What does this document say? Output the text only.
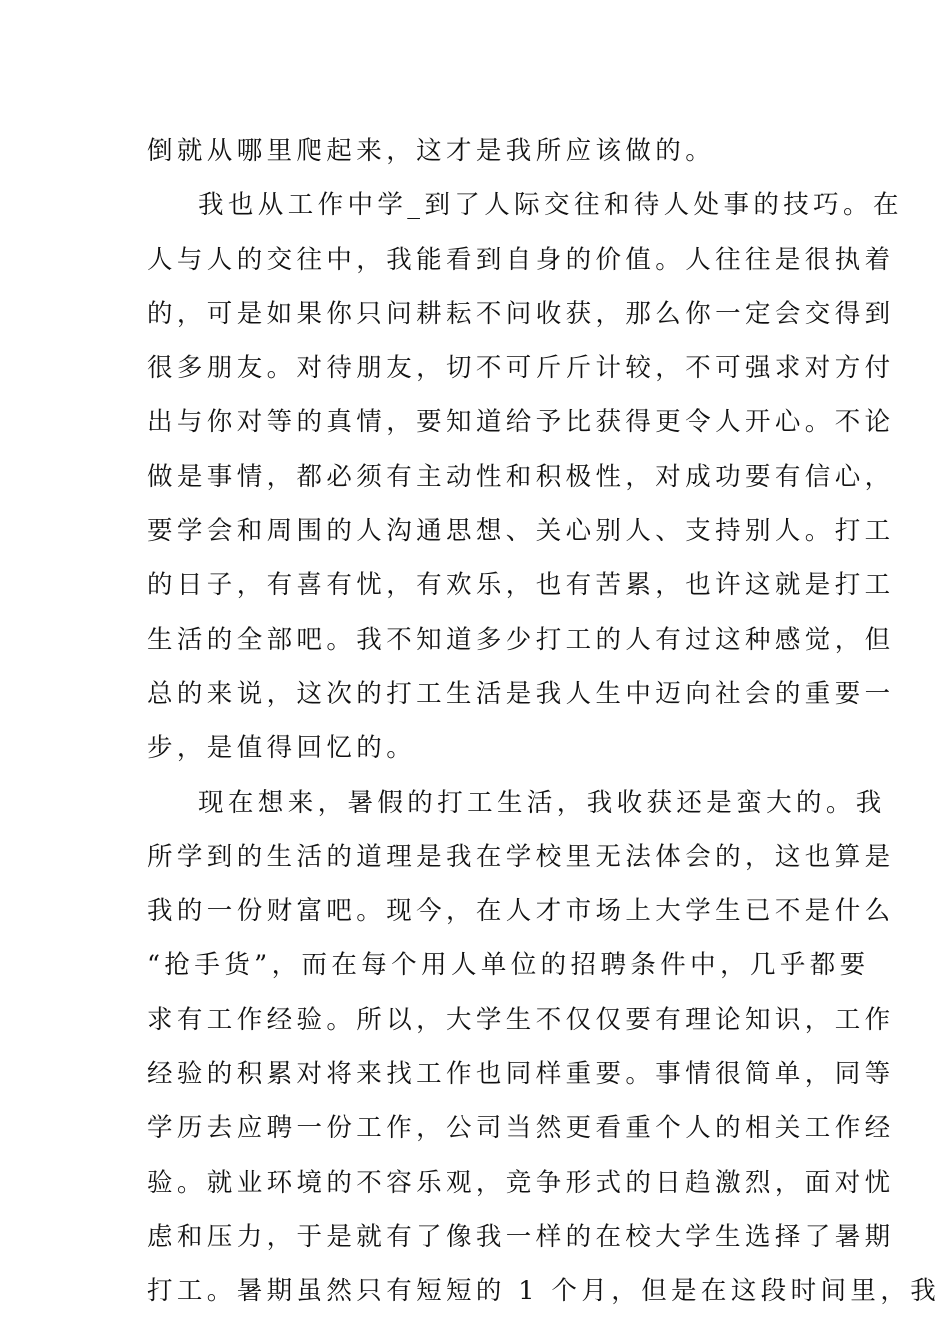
倒就从哪里爬起来，这才是我所应该做的。
我也从工作中学_到了人际交往和待人处事的技巧。在
人与人的交往中，我能看到自身的价值。人往往是很执着
的，可是如果你只问耕耘不问收获，那么你一定会交得到
很多朋友。对待朋友，切不可斤斤计较，不可强求对方付
出与你对等的真情，要知道给予比获得更令人开心。不论
做是事情，都必须有主动性和积极性，对成功要有信心，
要学会和周围的人沟通思想、关心别人、支持别人。打工
的日子，有喜有忧，有欢乐，也有苦累，也许这就是打工
生活的全部吧。我不知道多少打工的人有过这种感觉，但
总的来说，这次的打工生活是我人生中迈向社会的重要一
步，是值得回忆的。
现在想来，暑假的打工生活，我收获还是蛮大的。我
所学到的生活的道理是我在学校里无法体会的，这也算是
我的一份财富吧。现今，在人才市场上大学生已不是什么
“抢手货”，而在每个用人单位的招聘条件中，几乎都要
求有工作经验。所以，大学生不仅仅要有理论知识，工作
经验的积累对将来找工作也同样重要。事情很简单，同等
学历去应聘一份工作，公司当然更看重个人的相关工作经
验。就业环境的不容乐观，竞争形式的日趋激烈，面对忧
虑和压力，于是就有了像我一样的在校大学生选择了暑期
打工。暑期虽然只有短短的 1 个月，但是在这段时间里，我
